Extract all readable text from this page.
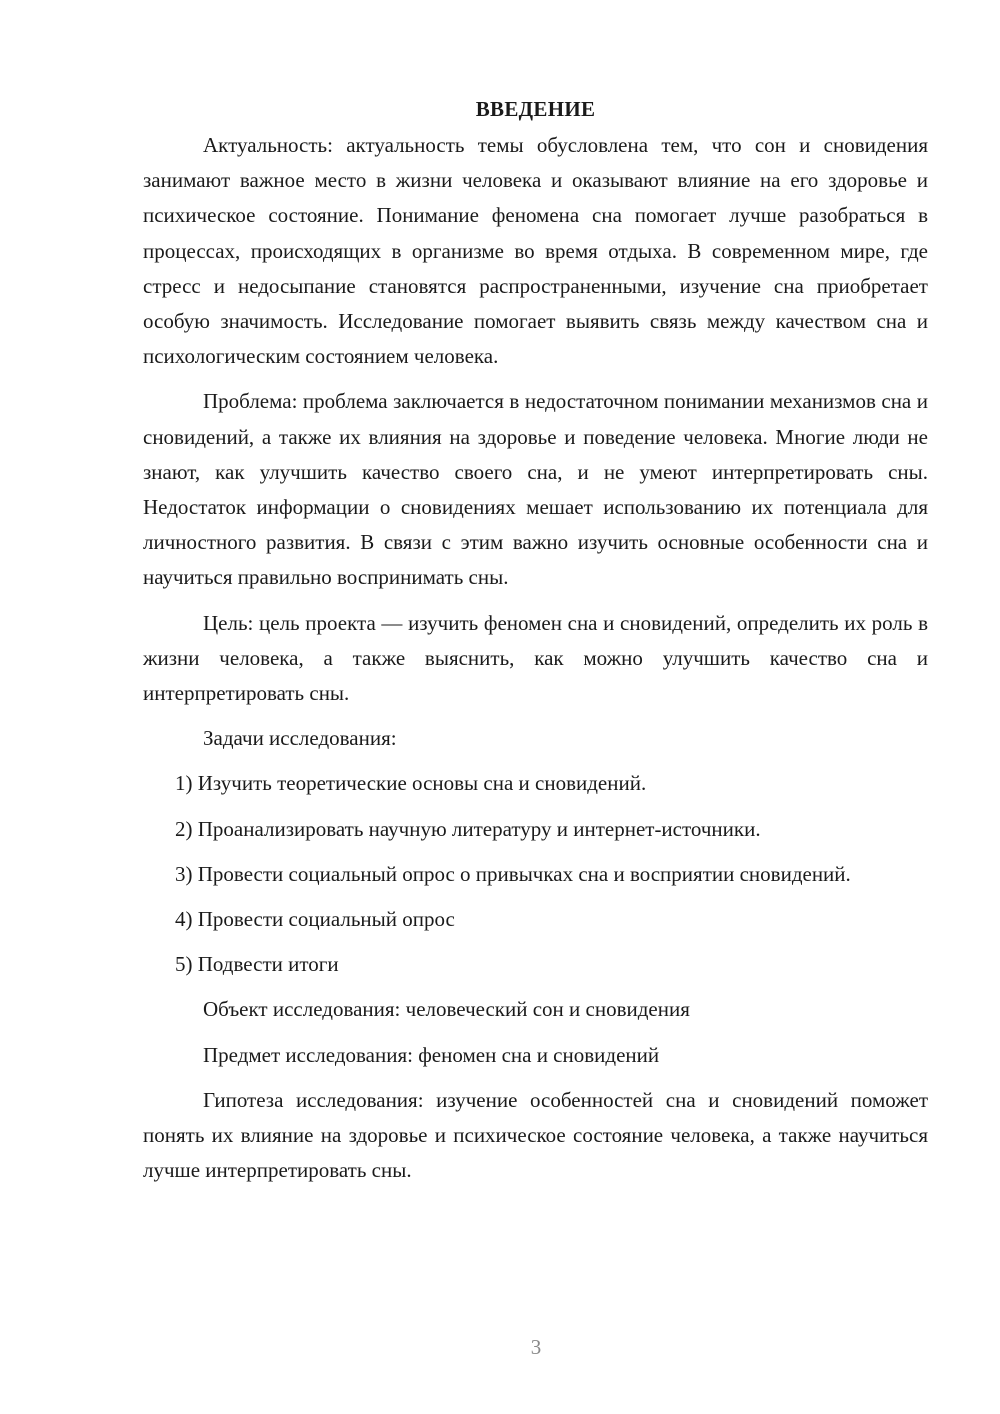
ВВЕДЕНИЕ

Актуальность: актуальность темы обусловлена тем, что сон и сновидения занимают важное место в жизни человека и оказывают влияние на его здоровье и психическое состояние. Понимание феномена сна помогает лучше разобраться в процессах, происходящих в организме во время отдыха. В современном мире, где стресс и недосыпание становятся распространенными, изучение сна приобретает особую значимость. Исследование помогает выявить связь между качеством сна и психологическим состоянием человека.

Проблема: проблема заключается в недостаточном понимании механизмов сна и сновидений, а также их влияния на здоровье и поведение человека. Многие люди не знают, как улучшить качество своего сна, и не умеют интерпретировать сны. Недостаток информации о сновидениях мешает использованию их потенциала для личностного развития. В связи с этим важно изучить основные особенности сна и научиться правильно воспринимать сны.

Цель: цель проекта — изучить феномен сна и сновидений, определить их роль в жизни человека, а также выяснить, как можно улучшить качество сна и интерпретировать сны.

Задачи исследования:

1) Изучить теоретические основы сна и сновидений.

2) Проанализировать научную литературу и интернет-источники.

3) Провести социальный опрос о привычках сна и восприятии сновидений.

4) Провести социальный опрос

5) Подвести итоги

Объект исследования: человеческий сон и сновидения

Предмет исследования: феномен сна и сновидений

Гипотеза исследования: изучение особенностей сна и сновидений поможет понять их влияние на здоровье и психическое состояние человека, а также научиться лучше интерпретировать сны.

3
